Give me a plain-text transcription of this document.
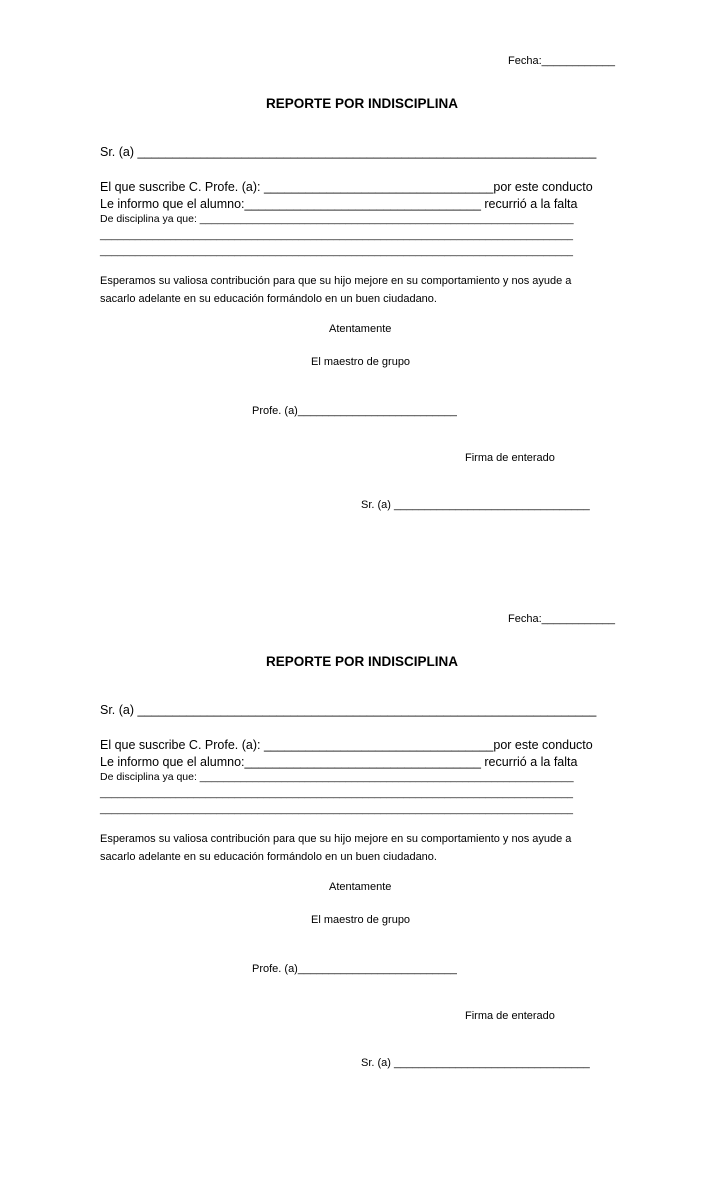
Fecha:____________
REPORTE POR INDISCIPLINA
Sr. (a) __________________________________________________________________
El que suscribe C. Profe. (a): _________________________________por este conducto
Le informo que el alumno:__________________________________ recurrió a la falta
De disciplina ya que: ________________________________________________________________
_________________________________________________________________________________
_________________________________________________________________________________
Esperamos su valiosa contribución para que su hijo mejore en su comportamiento y nos ayude a
sacarlo adelante en su educación formándolo en un buen ciudadano.
Atentamente
El maestro de grupo
Profe. (a)__________________________
Firma de enterado
Sr. (a) ________________________________
Fecha:____________
REPORTE POR INDISCIPLINA
Sr. (a) __________________________________________________________________
El que suscribe C. Profe. (a): _________________________________por este conducto
Le informo que el alumno:__________________________________ recurrió a la falta
De disciplina ya que: ________________________________________________________________
_________________________________________________________________________________
_________________________________________________________________________________
Esperamos su valiosa contribución para que su hijo mejore en su comportamiento y nos ayude a
sacarlo adelante en su educación formándolo en un buen ciudadano.
Atentamente
El maestro de grupo
Profe. (a)__________________________
Firma de enterado
Sr. (a) ________________________________
